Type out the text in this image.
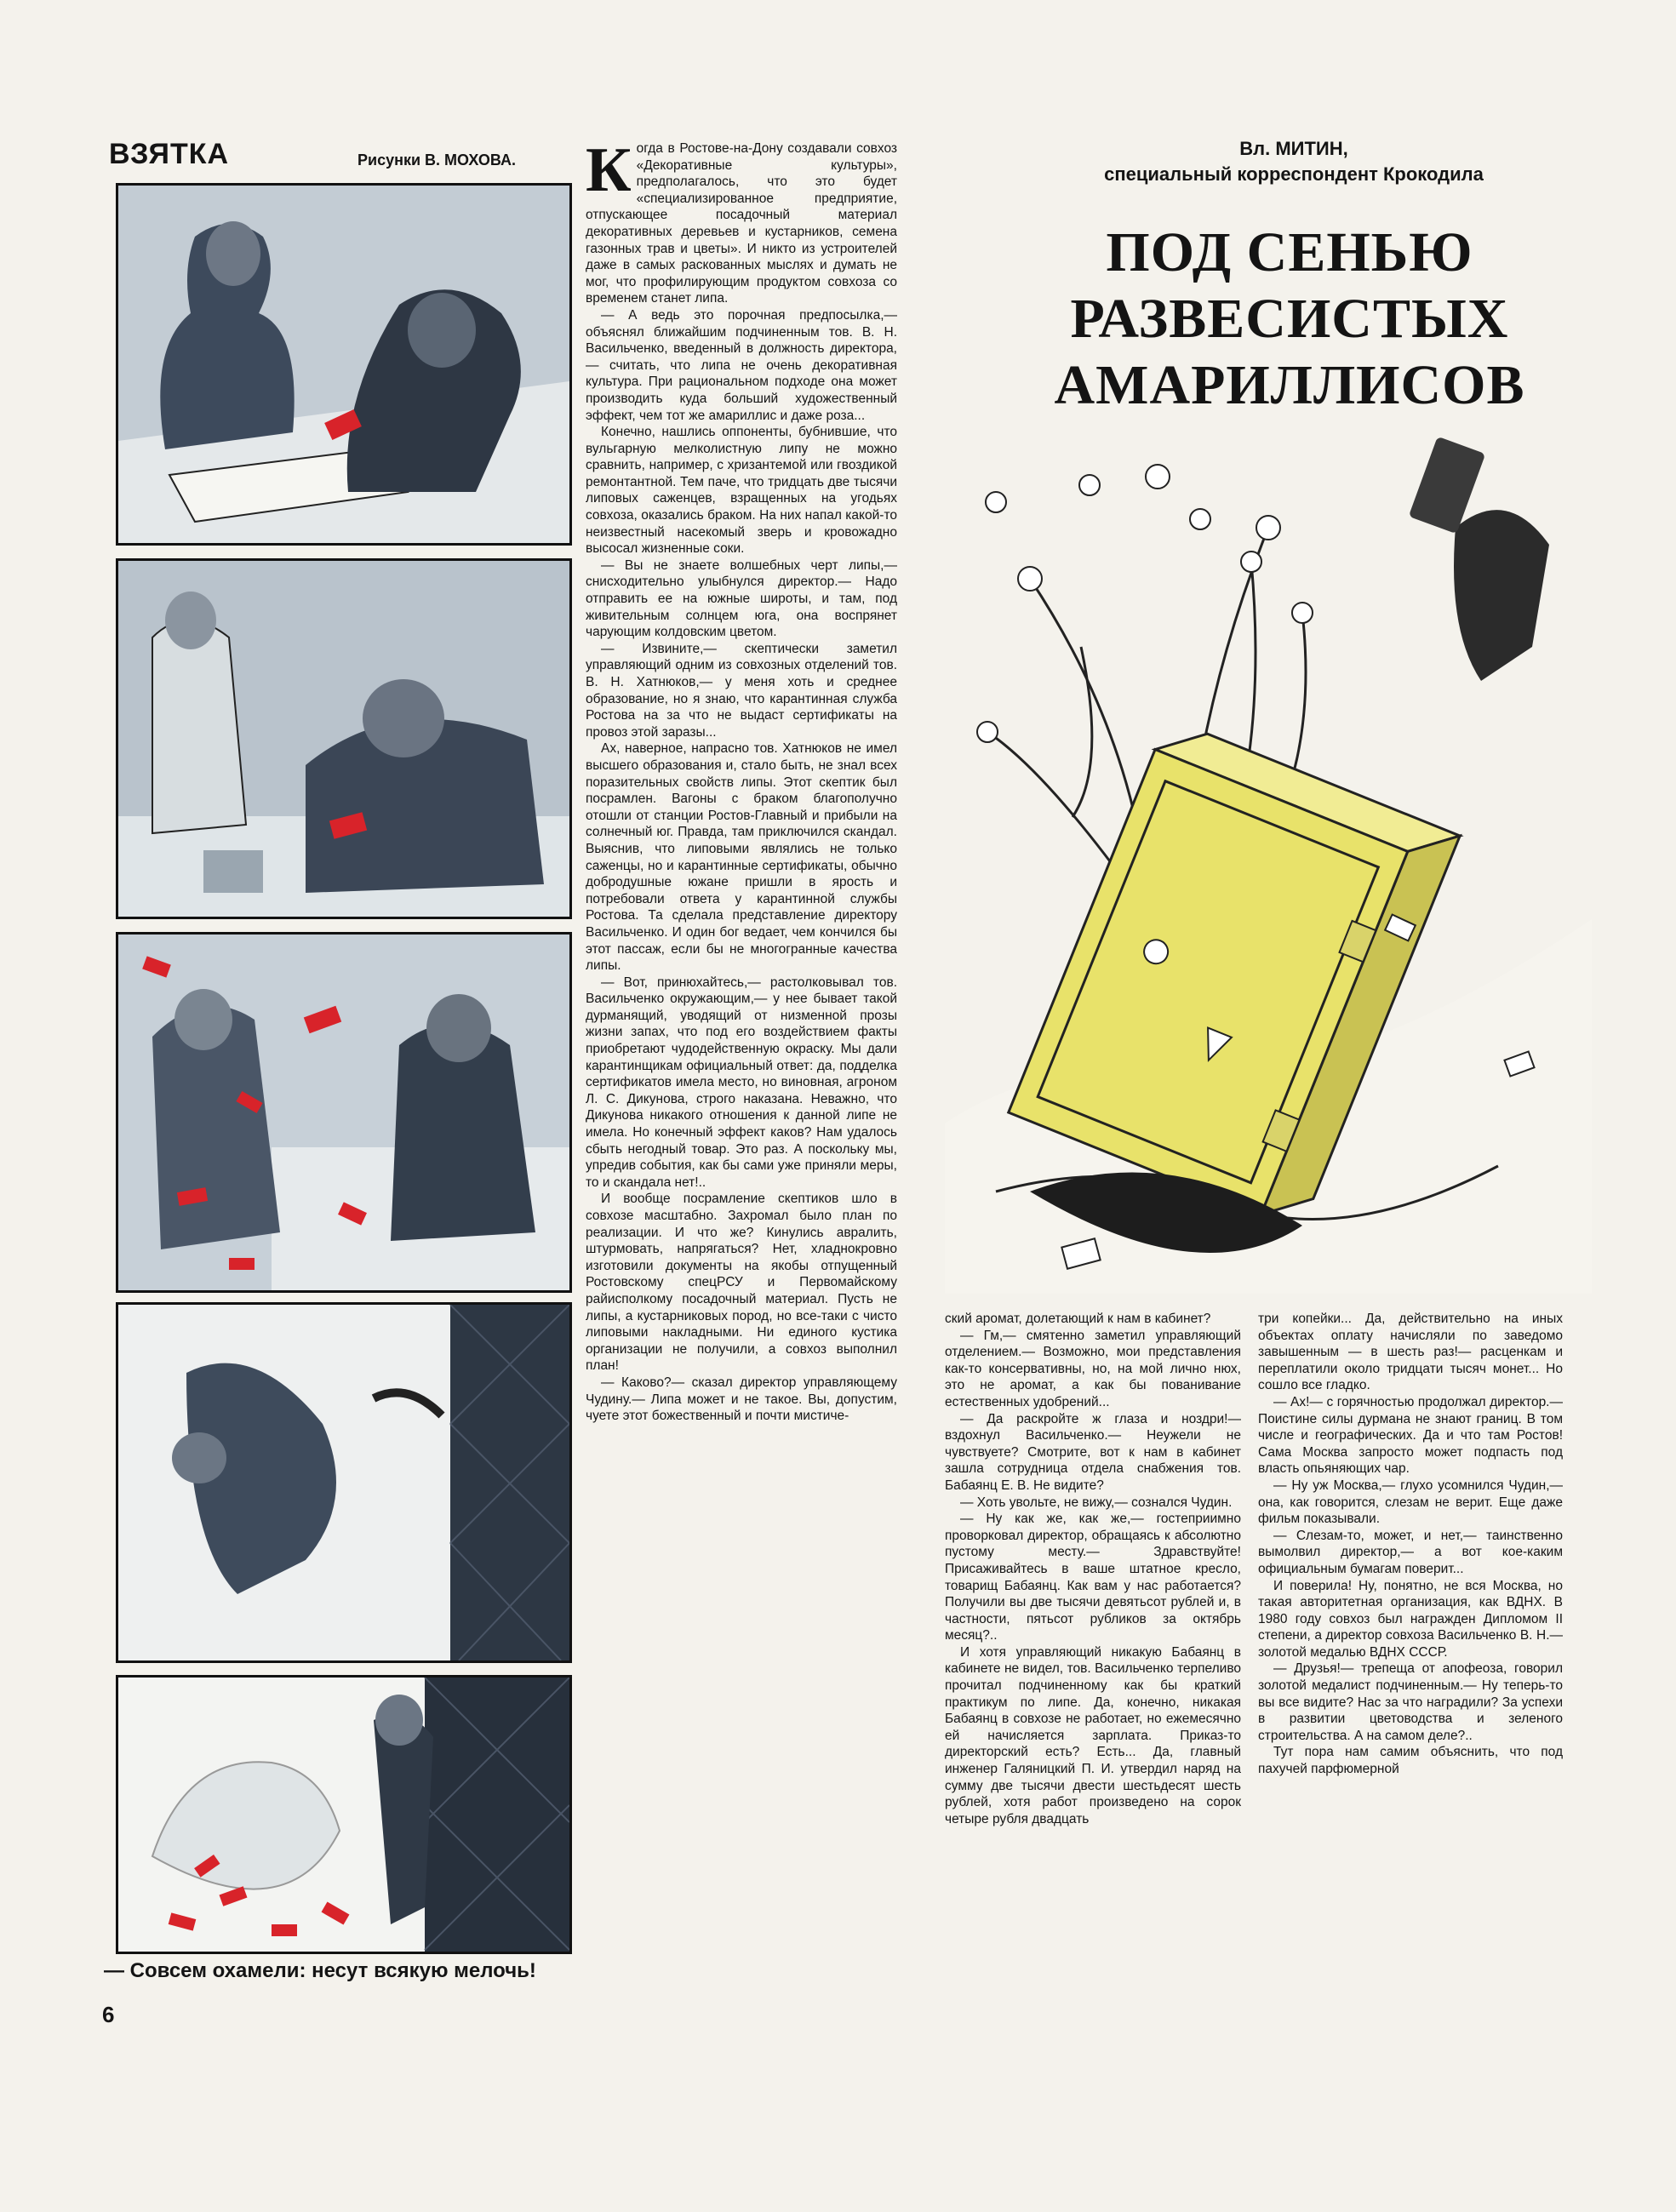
ВЗЯТКА	Рисунки В. МОХОВА.
— Совсем охамели: несут всякую мелочь!
6
Вл. МИТИН,
специальный корреспондент Крокодила
ПОД СЕНЬЮ
РАЗВЕСИСТЫХ
АМАРИЛЛИСОВ

Когда в Ростове-на-Дону создавали совхоз «Декоративные культуры», предполагалось, что это будет «специализированное предприятие, отпускающее посадочный материал декоративных деревьев и кустарников, семена газонных трав и цветы». И никто из устроителей даже в самых раскованных мыслях и думать не мог, что профилирующим продуктом совхоза со временем станет липа.

— А ведь это порочная предпосылка,— объяснял ближайшим подчиненным тов. В. Н. Васильченко, введенный в должность директора,— считать, что липа не очень декоративная культура. При рациональном подходе она может производить куда больший художественный эффект, чем тот же амариллис и даже роза...

Конечно, нашлись оппоненты, бубнившие, что вульгарную мелколистную липу не можно сравнить, например, с хризантемой или гвоздикой ремонтантной. Тем паче, что тридцать две тысячи липовых саженцев, взращенных на угодьях совхоза, оказались браком. На них напал какой-то неизвестный насекомый зверь и кровожадно высосал жизненные соки.

— Вы не знаете волшебных черт липы,— снисходительно улыбнулся директор.— Надо отправить ее на южные широты, и там, под живительным солнцем юга, она воспрянет чарующим колдовским цветом.

— Извините,— скептически заметил управляющий одним из совхозных отделений тов. В. Н. Хатнюков,— у меня хоть и среднее образование, но я знаю, что карантинная служба Ростова на за что не выдаст сертификаты на провоз этой заразы...

Ах, наверное, напрасно тов. Хатнюков не имел высшего образования и, стало быть, не знал всех поразительных свойств липы. Этот скептик был посрамлен. Вагоны с браком благополучно отошли от станции Ростов-Главный и прибыли на солнечный юг. Правда, там приключился скандал. Выяснив, что липовыми являлись не только саженцы, но и карантинные сертификаты, обычно добродушные южане пришли в ярость и потребовали ответа у карантинной службы Ростова. Та сделала представление директору Васильченко. И один бог ведает, чем кончился бы этот пассаж, если бы не многогранные качества липы.

— Вот, принюхайтесь,— растолковывал тов. Васильченко окружающим,— у нее бывает такой дурманящий, уводящий от низменной прозы жизни запах, что под его воздействием факты приобретают чудодейственную окраску. Мы дали карантинщикам официальный ответ: да, подделка сертификатов имела место, но виновная, агроном Л. С. Дикунова, строго наказана. Неважно, что Дикунова никакого отношения к данной липе не имела. Но конечный эффект каков? Нам удалось сбыть негодный товар. Это раз. А поскольку мы, упредив события, как бы сами уже приняли меры, то и скандала нет!..

И вообще посрамление скептиков шло в совхозе масштабно. Захромал было план по реализации. И что же? Кинулись авралить, штурмовать, напрягаться? Нет, хладнокровно изготовили документы на якобы отпущенный Ростовскому спецРСУ и Первомайскому райисполкому посадочный материал. Пусть не липы, а кустарниковых пород, но все-таки с чисто липовыми накладными. Ни единого кустика организации не получили, а совхоз выполнил план!

— Каково?— сказал директор управляющему Чудину.— Липа может и не такое. Вы, допустим, чуете этот божественный и почти мистиче-

ский аромат, долетающий к нам в кабинет?

— Гм,— смятенно заметил управляющий отделением.— Возможно, мои представления как-то консервативны, но, на мой лично нюх, это не аромат, а как бы пованивание естественных удобрений...

— Да раскройте ж глаза и ноздри!— вздохнул Васильченко.— Неужели не чувствуете? Смотрите, вот к нам в кабинет зашла сотрудница отдела снабжения тов. Бабаянц Е. В. Не видите?

— Хоть увольте, не вижу,— сознался Чудин.

— Ну как же, как же,— гостеприимно проворковал директор, обращаясь к абсолютно пустому месту.— Здравствуйте! Присаживайтесь в ваше штатное кресло, товарищ Бабаянц. Как вам у нас работается? Получили вы две тысячи девятьсот рублей и, в частности, пятьсот рубликов за октябрь месяц?..

И хотя управляющий никакую Бабаянц в кабинете не видел, тов. Васильченко терпеливо прочитал подчиненному как бы краткий практикум по липе. Да, конечно, никакая Бабаянц в совхозе не работает, но ежемесячно ей начисляется зарплата. Приказ-то директорский есть? Есть... Да, главный инженер Галяницкий П. И. утвердил наряд на сумму две тысячи двести шестьдесят шесть рублей, хотя работ произведено на сорок четыре рубля двадцать

три копейки... Да, действительно на иных объектах оплату начисляли по заведомо завышенным — в шесть раз!— расценкам и переплатили около тридцати тысяч монет... Но сошло все гладко.

— Ах!— с горячностью продолжал директор.— Поистине силы дурмана не знают границ. В том числе и географических. Да и что там Ростов! Сама Москва запросто может подпасть под власть опьяняющих чар.

— Ну уж Москва,— глухо усомнился Чудин,— она, как говорится, слезам не верит. Еще даже фильм показывали.

— Слезам-то, может, и нет,— таинственно вымолвил директор,— а вот кое-каким официальным бумагам поверит...

И поверила! Ну, понятно, не вся Москва, но такая авторитетная организация, как ВДНХ. В 1980 году совхоз был награжден Дипломом II степени, а директор совхоза Васильченко В. Н.— золотой медалью ВДНХ СССР.

— Друзья!— трепеща от апофеоза, говорил золотой медалист подчиненным.— Ну теперь-то вы все видите? Нас за что наградили? За успехи в развитии цветоводства и зеленого строительства. А на самом деле?..

Тут пора нам самим объяснить, что под пахучей парфюмерной
